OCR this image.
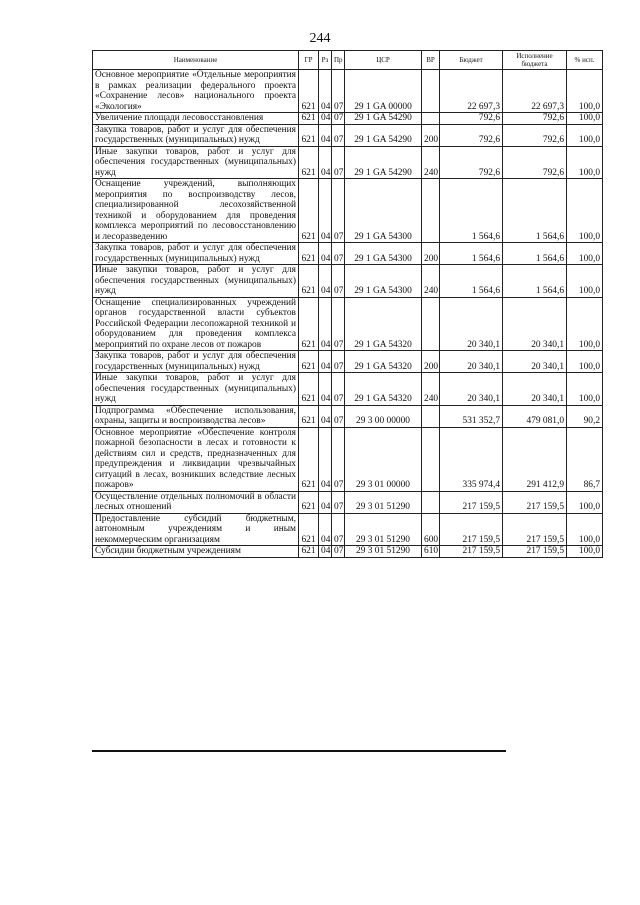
244
Наименование	ГР	Рз	Пр	ЦСР	ВР	Бюджет	Исполнение бюджета	% исп.
Основное мероприятие «Отдельные мероприятия в рамках реализации федерального проекта «Сохранение лесов» национального проекта «Экология»	621	04	07	29 1 GA 00000		22 697,3	22 697,3	100,0
Увеличение площади лесовосстановления	621	04	07	29 1 GA 54290		792,6	792,6	100,0
Закупка товаров, работ и услуг для обеспечения государственных (муниципальных) нужд	621	04	07	29 1 GA 54290	200	792,6	792,6	100,0
Иные закупки товаров, работ и услуг для обеспечения государственных (муниципальных) нужд	621	04	07	29 1 GA 54290	240	792,6	792,6	100,0
Оснащение учреждений, выполняющих мероприятия по воспроизводству лесов, специализированной лесохозяйственной техникой и оборудованием для проведения комплекса мероприятий по лесовосстановлению и лесоразведению	621	04	07	29 1 GA 54300		1 564,6	1 564,6	100,0
Закупка товаров, работ и услуг для обеспечения государственных (муниципальных) нужд	621	04	07	29 1 GA 54300	200	1 564,6	1 564,6	100,0
Иные закупки товаров, работ и услуг для обеспечения государственных (муниципальных) нужд	621	04	07	29 1 GA 54300	240	1 564,6	1 564,6	100,0
Оснащение специализированных учреждений органов государственной власти субъектов Российской Федерации лесопожарной техникой и оборудованием для проведения комплекса мероприятий по охране лесов от пожаров	621	04	07	29 1 GA 54320		20 340,1	20 340,1	100,0
Закупка товаров, работ и услуг для обеспечения государственных (муниципальных) нужд	621	04	07	29 1 GA 54320	200	20 340,1	20 340,1	100,0
Иные закупки товаров, работ и услуг для обеспечения государственных (муниципальных) нужд	621	04	07	29 1 GA 54320	240	20 340,1	20 340,1	100,0
Подпрограмма «Обеспечение использования, охраны, защиты и воспроизводства лесов»	621	04	07	29 3 00 00000		531 352,7	479 081,0	90,2
Основное мероприятие «Обеспечение контроля пожарной безопасности в лесах и готовности к действиям сил и средств, предназначенных для предупреждения и ликвидации чрезвычайных ситуаций в лесах, возникших вследствие лесных пожаров»	621	04	07	29 3 01 00000		335 974,4	291 412,9	86,7
Осуществление отдельных полномочий в области лесных отношений	621	04	07	29 3 01 51290		217 159,5	217 159,5	100,0
Предоставление субсидий бюджетным, автономным учреждениям и иным некоммерческим организациям	621	04	07	29 3 01 51290	600	217 159,5	217 159,5	100,0
Субсидии бюджетным учреждениям	621	04	07	29 3 01 51290	610	217 159,5	217 159,5	100,0
